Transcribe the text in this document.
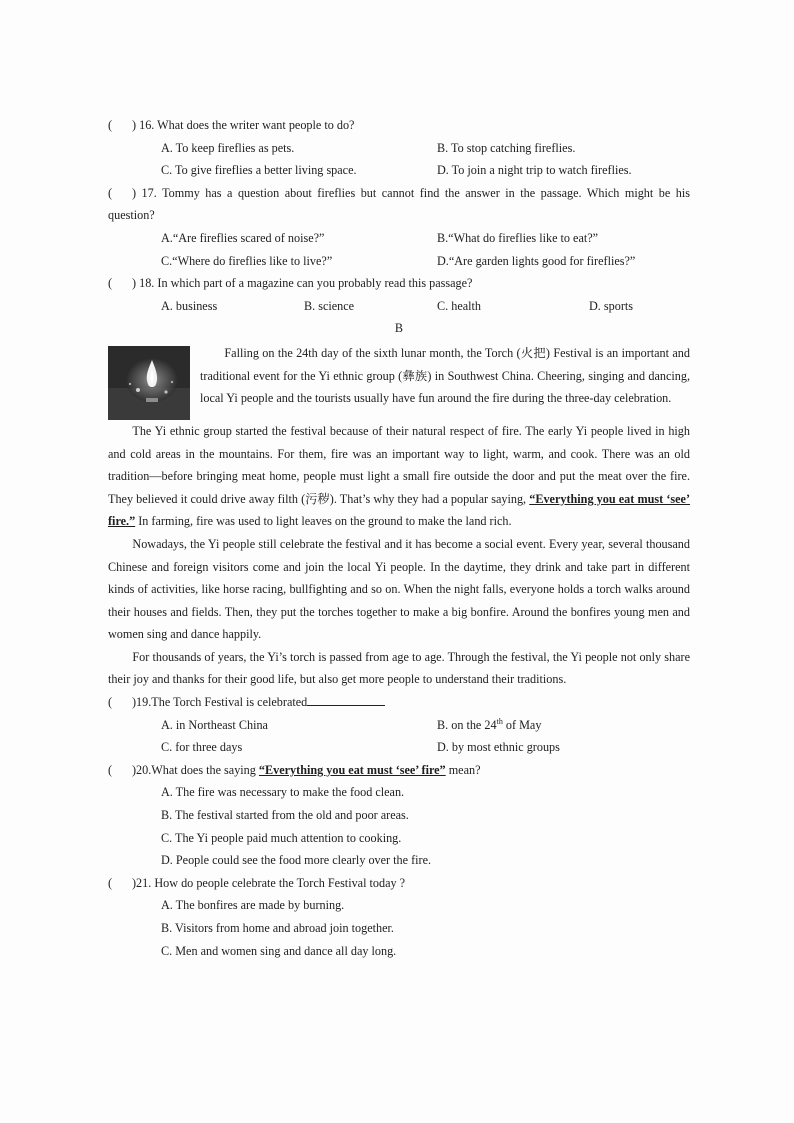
(	) 16. What does the writer want people to do?
A. To keep fireflies as pets.	B. To stop catching fireflies.
C. To give fireflies a better living space.	D. To join a night trip to watch fireflies.
( ) 17. Tommy has a question about fireflies but cannot find the answer in the passage. Which might be his question?
A.“Are fireflies scared of noise?”	B.“What do fireflies like to eat?”
C.“Where do fireflies like to live?”	D.“Are garden lights good for fireflies?”
(	) 18. In which part of a magazine can you probably read this passage?
A. business	B. science	C. health	D. sports
B
Falling on the 24th day of the sixth lunar month, the Torch (火把) Festival is an important and traditional event for the Yi ethnic group (彝族) in Southwest China. Cheering, singing and dancing, local Yi people and the tourists usually have fun around the fire during the three-day celebration.

The Yi ethnic group started the festival because of their natural respect of fire. The early Yi people lived in high and cold areas in the mountains. For them, fire was an important way to light, warm, and cook. There was an old tradition—before bringing meat home, people must light a small fire outside the door and put the meat over the fire. They believed it could drive away filth (污秽). That’s why they had a popular saying, “Everything you eat must ‘see’ fire.” In farming, fire was used to light leaves on the ground to make the land rich.

Nowadays, the Yi people still celebrate the festival and it has become a social event. Every year, several thousand Chinese and foreign visitors come and join the local Yi people. In the daytime, they drink and take part in different kinds of activities, like horse racing, bullfighting and so on. When the night falls, everyone holds a torch walks around their houses and fields. Then, they put the torches together to make a big bonfire. Around the bonfires young men and women sing and dance happily.

For thousands of years, the Yi’s torch is passed from age to age. Through the festival, the Yi people not only share their joy and thanks for their good life, but also get more people to understand their traditions.

(	)19.The Torch Festival is celebrated
A. in Northeast China	B. on the 24th of May
C. for three days	D. by most ethnic groups
(	)20.What does the saying “Everything you eat must ‘see’ fire” mean?
A. The fire was necessary to make the food clean.
B. The festival started from the old and poor areas.
C. The Yi people paid much attention to cooking.
D. People could see the food more clearly over the fire.
(	)21. How do people celebrate the Torch Festival today ?
A. The bonfires are made by burning.
B. Visitors from home and abroad join together.
C. Men and women sing and dance all day long.
